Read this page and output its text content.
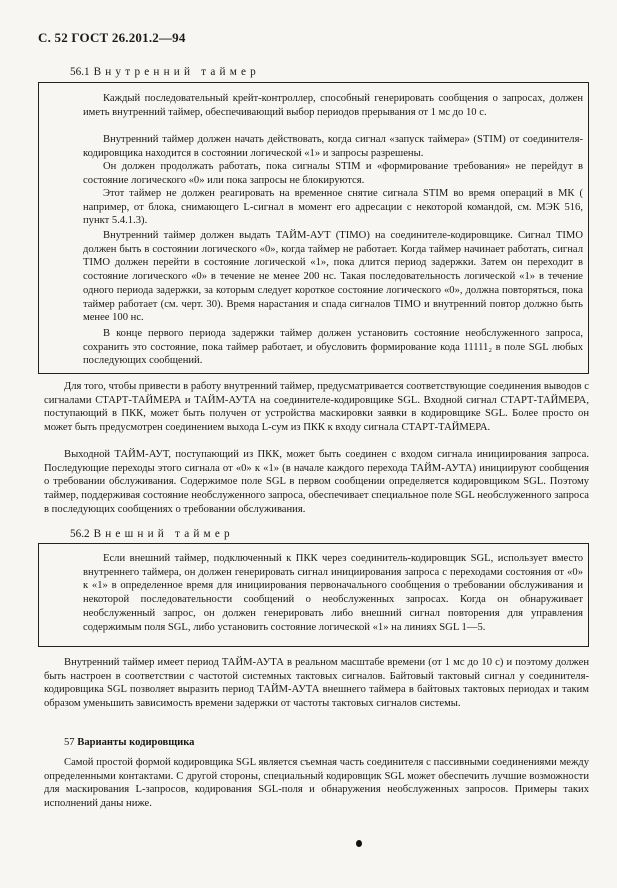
С. 52 ГОСТ 26.201.2—94
56.1 Внутренний таймер

Каждый последовательный крейт-контроллер, способный генерировать сообщения о запросах, должен иметь внутренний таймер, обеспечивающий выбор периодов прерывания от 1 мс до 10 с.

Внутренний таймер должен начать действовать, когда сигнал «запуск таймера» (STIM) от соединителя-кодировщика находится в состоянии логической «1» и запросы разрешены.

Он должен продолжать работать, пока сигналы STIM и «формирование требования» не перейдут в состояние логического «0» или пока запросы не блокируются.

Этот таймер не должен реагировать на временное снятие сигнала STIM во время операций в МК ( например, от блока, снимающего L-сигнал в момент его адресации с некоторой командой, см. МЭК 516, пункт 5.4.1.3).

Внутренний таймер должен выдать ТАЙМ-АУТ (TIMO) на соединителе-кодировщике. Сигнал TIMO должен быть в состоянии логического «0», когда таймер не работает. Когда таймер начинает работать, сигнал TIMO должен перейти в состояние логической «1», пока длится период задержки. Затем он переходит в состояние логического «0» в течение не менее 200 нс. Такая последовательность логической «1» в течение одного периода задержки, за которым следует короткое состояние логического «0», должна повторяться, пока таймер работает (см. черт. 30). Время нарастания и спада сигналов TIMO и внутренний повтор должно быть менее 100 нс.

В конце первого периода задержки таймер должен установить состояние необслуженного запроса, сохранить это состояние, пока таймер работает, и обусловить формирование кода 11111₂ в поле SGL любых последующих сообщений.

Для того, чтобы привести в работу внутренний таймер, предусматривается соответствующие соединения выводов с сигналами СТАРТ-ТАЙМЕРА и ТАЙМ-АУТА на соединителе-кодировщике SGL. Входной сигнал СТАРТ-ТАЙМЕРА, поступающий в ПКК, может быть получен от устройства маскировки заявки в кодировщике SGL. Более просто он может быть предусмотрен соединением выхода L-сум из ПКК к входу сигнала СТАРТ-ТАЙМЕРА.

Выходной ТАЙМ-АУТ, поступающий из ПКК, может быть соединен с входом сигнала инициирования запроса. Последующие переходы этого сигнала от «0» к «1» (в начале каждого перехода ТАЙМ-АУТА) инициируют сообщения о требовании обслуживания. Содержимое поле SGL в первом сообщении определяется кодировщиком SGL. Поэтому таймер, поддерживая состояние необслуженного запроса, обеспечивает специальное поле SGL необслуженного запроса в последующих сообщениях о требовании обслуживания.

56.2 Внешний таймер

Если внешний таймер, подключенный к ПКК через соединитель-кодировщик SGL, использует вместо внутреннего таймера, он должен генерировать сигнал инициирования запроса с переходами состояния от «0» к «1» в определенное время для инициирования первоначального сообщения о требовании обслуживания и некоторой последовательности сообщений о необслуженных запросах. Когда он обнаруживает необслуженный запрос, он должен генерировать либо внешний сигнал повторения для управления содержимым поля SGL, либо установить состояние логической «1» на линиях SGL 1—5.

Внутренний таймер имеет период ТАЙМ-АУТА в реальном масштабе времени (от 1 мс до 10 с) и поэтому должен быть настроен в соответствии с частотой системных тактовых сигналов. Байтовый тактовый сигнал у соединителя-кодировщика SGL позволяет выразить период ТАЙМ-АУТА внешнего таймера в байтовых тактовых периодах и таким образом уменьшить зависимость времени задержки от частоты тактовых сигналов системы.

57 Варианты кодировщика

Самой простой формой кодировщика SGL является съемная часть соединителя с пассивными соединениями между определенными контактами. С другой стороны, специальный кодировщик SGL может обеспечить лучшие возможности для маскирования L-запросов, кодирования SGL-поля и обнаружения необслуженных запросов. Примеры таких исполнений даны ниже.
